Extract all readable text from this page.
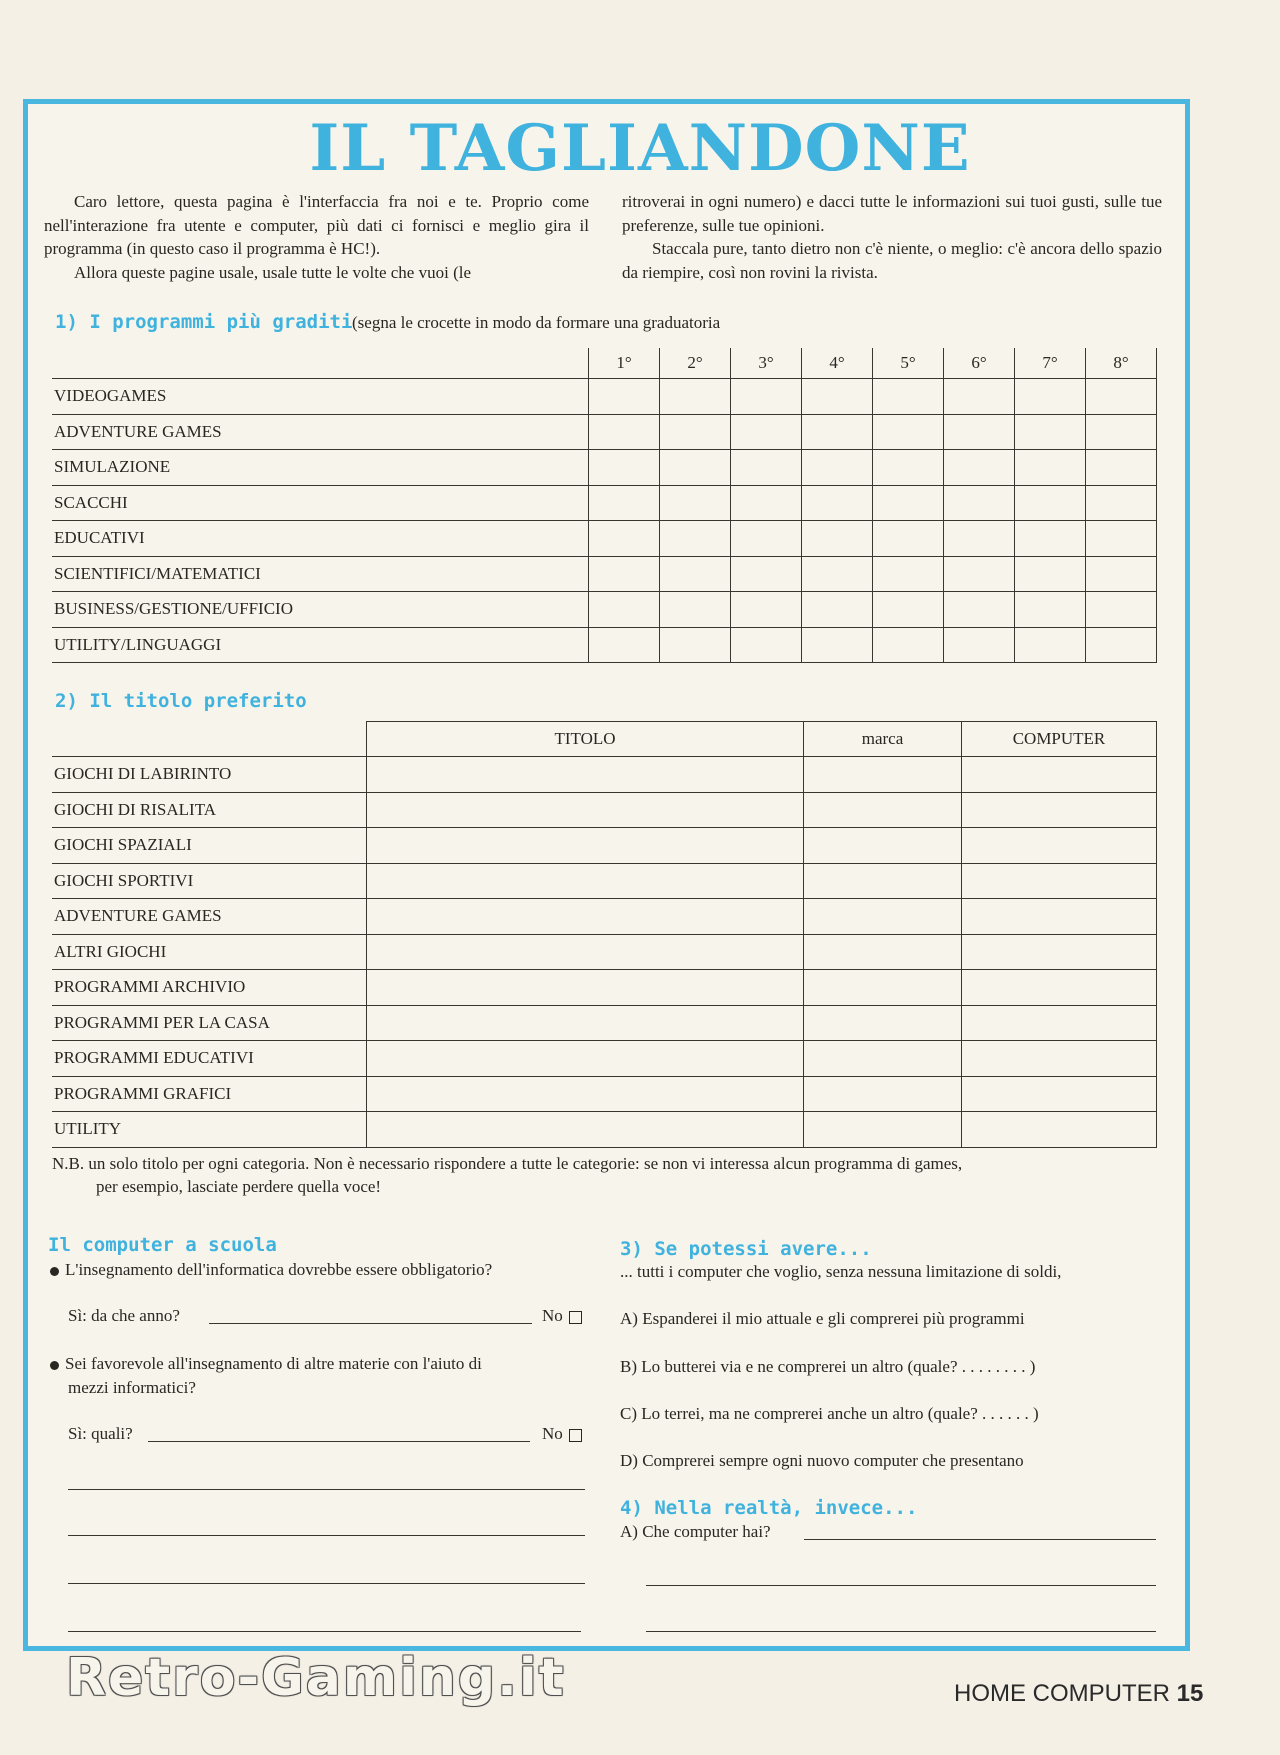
IL TAGLIANDONE

Caro lettore, questa pagina è l'interfaccia fra noi e te. Proprio come nell'interazione fra utente e computer, più dati ci fornisci e meglio gira il programma (in questo caso il programma è HC!).

Allora queste pagine usale, usale tutte le volte che vuoi (le

ritroverai in ogni numero) e dacci tutte le informazioni sui tuoi gusti, sulle tue preferenze, sulle tue opinioni.

Staccala pure, tanto dietro non c'è niente, o meglio: c'è ancora dello spazio da riempire, così non rovini la rivista.

1) I programmi più graditi (segna le crocette in modo da formare una graduatoria
	1°	2°	3°	4°	5°	6°	7°	8°
VIDEOGAMES								
ADVENTURE GAMES								
SIMULAZIONE								
SCACCHI								
EDUCATIVI								
SCIENTIFICI/MATEMATICI								
BUSINESS/GESTIONE/UFFICIO								
UTILITY/LINGUAGGI								
2) Il titolo preferito
	TITOLO	marca	COMPUTER
GIOCHI DI LABIRINTO			
GIOCHI DI RISALITA			
GIOCHI SPAZIALI			
GIOCHI SPORTIVI			
ADVENTURE GAMES			
ALTRI GIOCHI			
PROGRAMMI ARCHIVIO			
PROGRAMMI PER LA CASA			
PROGRAMMI EDUCATIVI			
PROGRAMMI GRAFICI			
UTILITY			
N.B. un solo titolo per ogni categoria. Non è necessario rispondere a tutte le categorie: se non vi interessa alcun programma di games,
per esempio, lasciate perdere quella voce!
Il computer a scuola
L'insegnamento dell'informatica dovrebbe essere obbligatorio?
Sì: da che anno?	No
Sei favorevole all'insegnamento di altre materie con l'aiuto di
mezzi informatici?
Sì: quali?	No
3) Se potessi avere...
... tutti i computer che voglio, senza nessuna limitazione di soldi,
A) Espanderei il mio attuale e gli comprerei più programmi
B) Lo butterei via e ne comprerei un altro (quale? . . . . . . . . )
C) Lo terrei, ma ne comprerei anche un altro (quale? . . . . . . )
D) Comprerei sempre ogni nuovo computer che presentano
4) Nella realtà, invece...
A) Che computer hai?
Retro-Gaming.it	HOME COMPUTER 15
